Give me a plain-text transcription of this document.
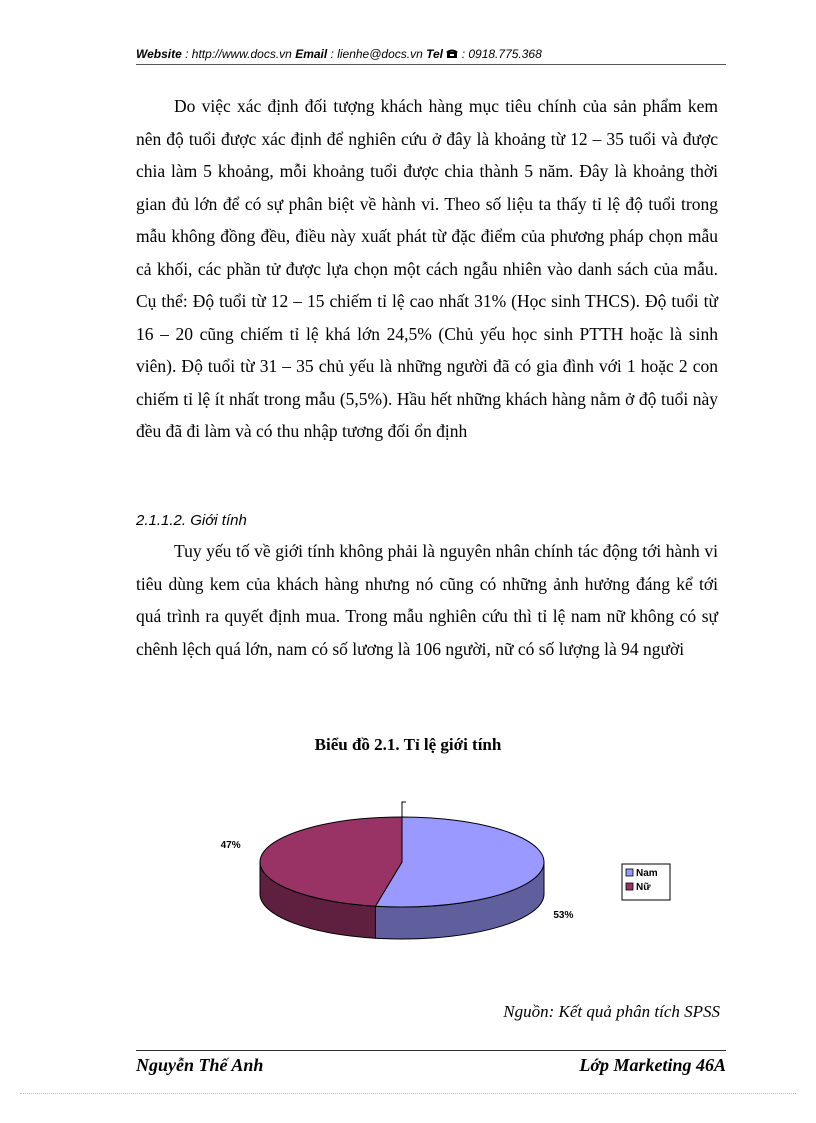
Website : http://www.docs.vn Email : lienhe@docs.vn Tel  : 0918.775.368

Do việc xác định đối tượng khách hàng mục tiêu chính của sản phẩm kem nên độ tuổi được xác định để nghiên cứu ở đây là khoảng từ 12 – 35 tuổi và được chia làm 5 khoảng, mỗi khoảng tuổi được chia thành 5 năm. Đây là khoảng thời gian đủ lớn để có sự phân biệt về hành vi. Theo số liệu ta thấy tỉ lệ độ tuổi trong mẫu không đồng đều, điều này xuất phát từ đặc điểm của phương pháp chọn mẫu cả khối, các phần tử được lựa chọn một cách ngẫu nhiên vào danh sách của mẫu. Cụ thể: Độ tuổi từ 12 – 15 chiếm tỉ lệ cao nhất 31% (Học sinh THCS). Độ tuổi từ 16 – 20 cũng chiếm tỉ lệ khá lớn 24,5% (Chủ yếu học sinh PTTH hoặc là sinh viên). Độ tuổi từ 31 – 35 chủ yếu là những người đã có gia đình với 1 hoặc 2 con chiếm tỉ lệ ít nhất trong mẫu (5,5%). Hầu hết những khách hàng nằm ở độ tuổi này đều đã đi làm và có thu nhập tương đối ổn định

2.1.1.2. Giới tính

Tuy yếu tố về giới tính không phải là nguyên nhân chính tác động tới hành vi tiêu dùng kem của khách hàng nhưng nó cũng có những ảnh hưởng đáng kể tới quá trình ra quyết định mua. Trong mẫu nghiên cứu thì tỉ lệ nam nữ không có sự chênh lệch quá lớn, nam có số lương là 106 người, nữ có số lượng là 94 người

Biểu đồ 2.1. Tỉ lệ giới tính
53%
47%
Nam
Nữ
Nguồn: Kết quả phân tích SPSS
Nguyễn Thế Anh	Lớp Marketing 46A
